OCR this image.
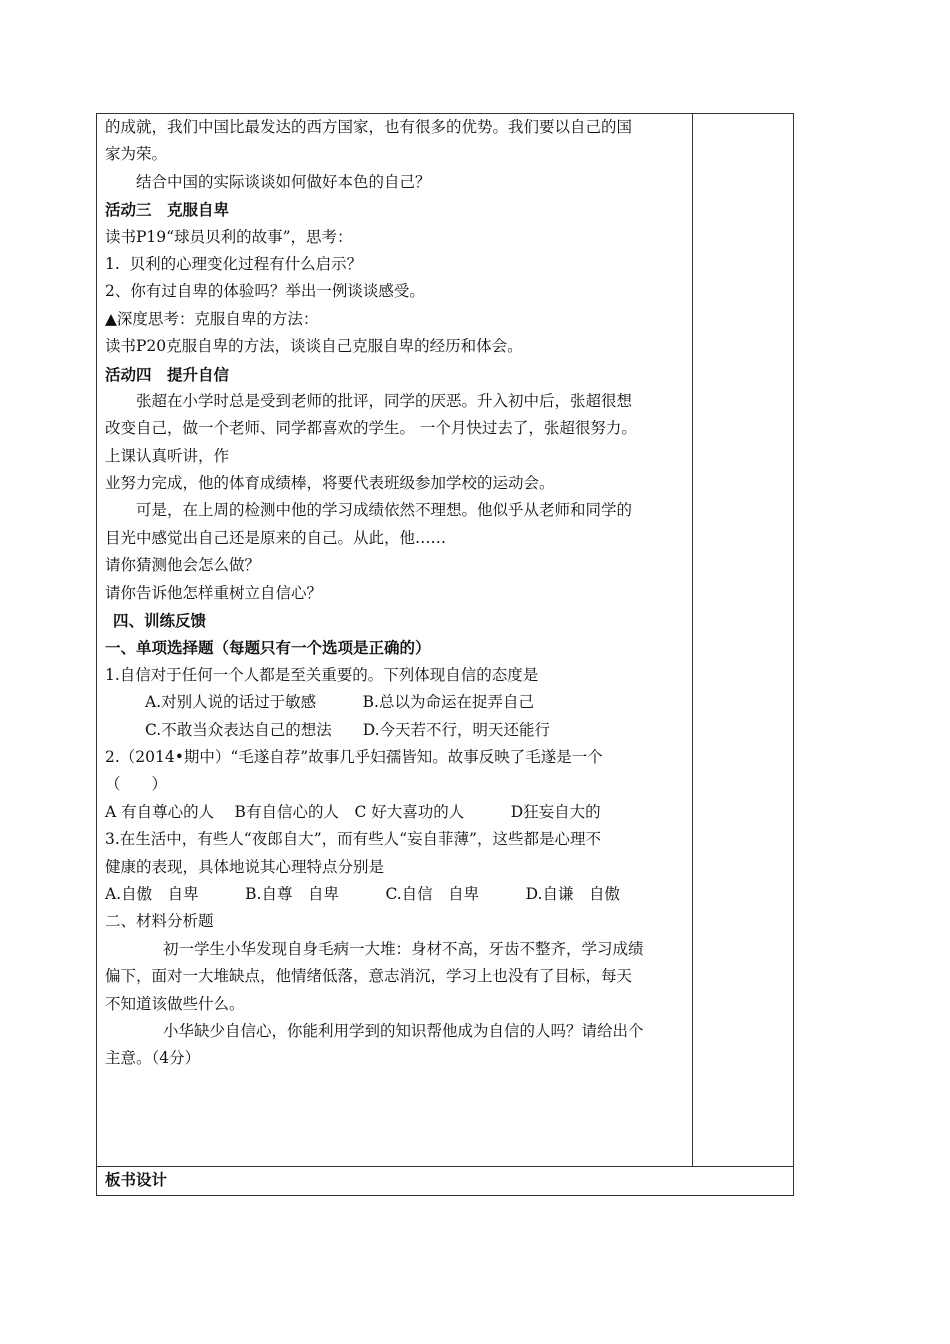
的成就，我们中国比最发达的西方国家，也有很多的优势。我们要以自己的国
家为荣。
结合中国的实际谈谈如何做好本色的自己？
活动三　克服自卑
读书P19“球员贝利的故事”，思考：
1.  贝利的心理变化过程有什么启示？
2、你有过自卑的体验吗？举出一例谈谈感受。
▲深度思考：克服自卑的方法：
读书P20克服自卑的方法，谈谈自己克服自卑的经历和体会。
活动四　提升自信
张超在小学时总是受到老师的批评，同学的厌恶。升入初中后，张超很想
改变自己，做一个老师、同学都喜欢的学生。 一个月快过去了，张超很努力。
上课认真听讲，作
业努力完成，他的体育成绩棒，将要代表班级参加学校的运动会。
可是，在上周的检测中他的学习成绩依然不理想。他似乎从老师和同学的
目光中感觉出自己还是原来的自己。从此，他……
请你猜测他会怎么做？
请你告诉他怎样重树立自信心？
四、训练反馈
一、单项选择题（每题只有一个选项是正确的）
1.自信对于任何一个人都是至关重要的。下列体现自信的态度是
A.对别人说的话过于敏感　　　B.总以为命运在捉弄自己
C.不敢当众表达自己的想法　　D.今天若不行，明天还能行
2.（2014•期中）“毛遂自荐”故事几乎妇孺皆知。故事反映了毛遂是一个
（　　）
A 有自尊心的人　 B有自信心的人　C 好大喜功的人　　　D狂妄自大的
3.在生活中，有些人“夜郎自大”，而有些人“妄自菲薄”，这些都是心理不
健康的表现，具体地说其心理特点分别是
A.自傲　自卑　　　B.自尊　自卑　　　C.自信　自卑　　　D.自谦　自傲
二、材料分析题
初一学生小华发现自身毛病一大堆：身材不高，牙齿不整齐，学习成绩
偏下，面对一大堆缺点，他情绪低落，意志消沉，学习上也没有了目标，每天
不知道该做些什么。
小华缺少自信心，你能利用学到的知识帮他成为自信的人吗？请给出个
主意。（4分）
板书设计
